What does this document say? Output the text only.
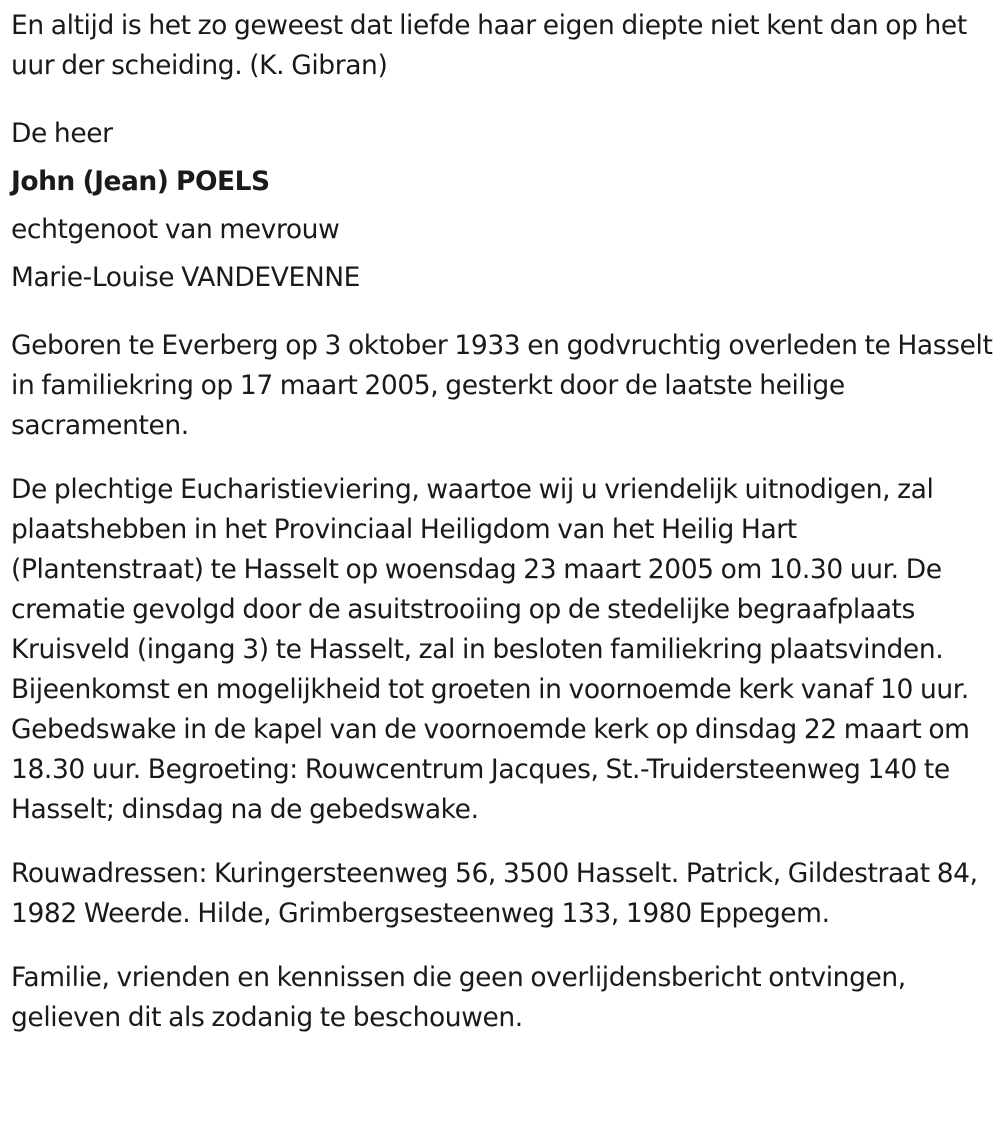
En altijd is het zo geweest dat liefde haar eigen diepte niet kent dan op het uur der scheiding. (K. Gibran)

De heer
John (Jean) POELS
echtgenoot van mevrouw
Marie-Louise VANDEVENNE

Geboren te Everberg op 3 oktober 1933 en godvruchtig overleden te Hasselt in familiekring op 17 maart 2005, gesterkt door de laatste heilige sacramenten.

De plechtige Eucharistieviering, waartoe wij u vriendelijk uitnodigen, zal plaatshebben in het Provinciaal Heiligdom van het Heilig Hart (Plantenstraat) te Hasselt op woensdag 23 maart 2005 om 10.30 uur. De crematie gevolgd door de asuitstrooiing op de stedelijke begraafplaats Kruisveld (ingang 3) te Hasselt, zal in besloten familiekring plaatsvinden. Bijeenkomst en mogelijkheid tot groeten in voornoemde kerk vanaf 10 uur. Gebedswake in de kapel van de voornoemde kerk op dinsdag 22 maart om 18.30 uur. Begroeting: Rouwcentrum Jacques, St.-Truidersteenweg 140 te Hasselt; dinsdag na de gebedswake.

Rouwadressen: Kuringersteenweg 56, 3500 Hasselt. Patrick, Gildestraat 84, 1982 Weerde. Hilde, Grimbergsesteenweg 133, 1980 Eppegem.

Familie, vrienden en kennissen die geen overlijdensbericht ontvingen, gelieven dit als zodanig te beschouwen.
